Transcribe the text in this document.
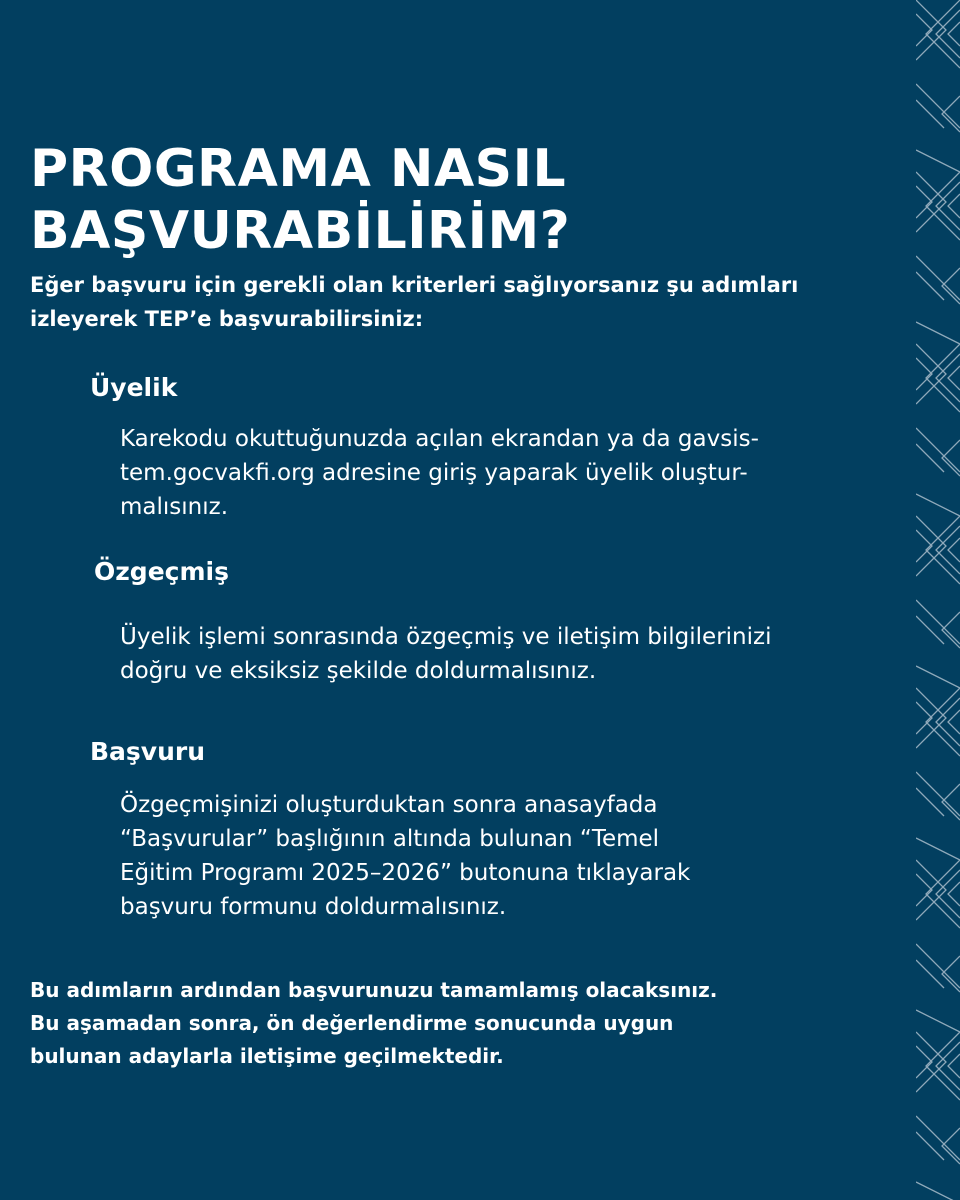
PROGRAMA NASIL
BAŞVURABİLİRİM?

Eğer başvuru için gerekli olan kriterleri sağlıyorsanız şu adımları
izleyerek TEP’e başvurabilirsiniz:

Üyelik

Karekodu okuttuğunuzda açılan ekrandan ya da gavsis-
tem.gocvakfi.org adresine giriş yaparak üyelik oluştur-
malısınız.

Özgeçmiş

Üyelik işlemi sonrasında özgeçmiş ve iletişim bilgilerinizi
doğru ve eksiksiz şekilde doldurmalısınız.

Başvuru

Özgeçmişinizi oluşturduktan sonra anasayfada
“Başvurular” başlığının altında bulunan “Temel
Eğitim Programı 2025–2026” butonuna tıklayarak
başvuru formunu doldurmalısınız.

Bu adımların ardından başvurunuzu tamamlamış olacaksınız.
Bu aşamadan sonra, ön değerlendirme sonucunda uygun
bulunan adaylarla iletişime geçilmektedir.
